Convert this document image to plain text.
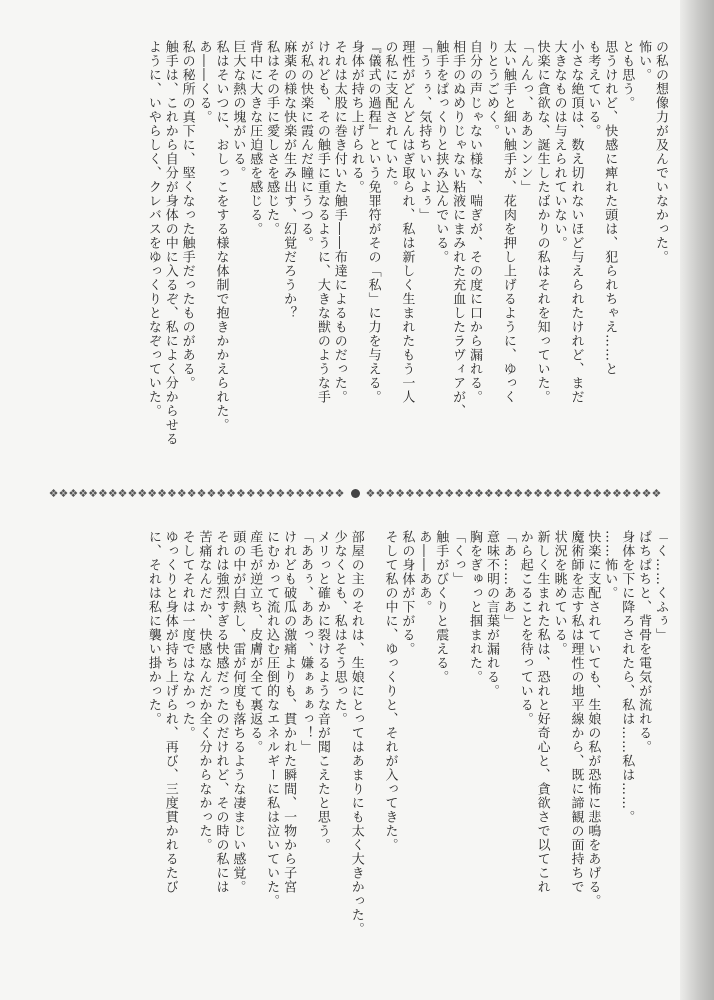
の私の想像力が及んでいなかった。

怖い。

とも思う。

思うけれど、快感に痺れた頭は、犯られちゃえ……と

も考えている。

小さな絶頂は、数え切れないほど与えられたけれど、まだ

大きなものは与えられていない。

快楽に貪欲な、誕生したばかりの私はそれを知っていた。

「んんっ、ああンンン」

太い触手と細い触手が、花肉を押し上げるように、ゆっく

りとうごめく。

自分の声じゃない様な、喘ぎが、その度に口から漏れる。

相手のぬめりじゃない粘液にまみれた充血したラヴィアが、

触手をぱっくりと挟み込んでいる。

「うぅぅ、気持ちいいよぅ」

理性がどんどんはぎ取られ、私は新しく生まれたもう一人

の私に支配されていた。

『儀式の過程』という免罪符がその「私」に力を与える。

身体が持ち上げられる。

それは太股に巻き付いた触手――布達によるものだった。

けれども、その触手に重なるように、大きな獣のような手

が私の快楽に霞んだ瞳にうつる。

麻薬の様な快楽が生み出す、幻覚だろうか？

私はその手に愛しさを感じた。

背中に大きな圧迫感を感じる。

巨大な熱の塊がいる。

私はそいつに、おしっこをする様な体制で抱きかかえられた。

あ――くる。

私の秘所の真下に、堅くなった触手だったものがある。

触手は、これから自分が身体の中に入るぞ、私によく分からせる

ように、いやらしく、クレバスをゆっくりとなぞっていた。

❖❖❖❖❖❖❖❖❖❖❖❖❖❖❖❖❖❖❖❖❖❖❖❖❖❖❖❖❖❖ ❖❖❖❖❖❖❖❖❖❖❖❖❖❖❖❖❖❖❖❖❖❖❖❖❖❖❖❖❖❖

「く……くふぅ」

ぱちぱちと、背骨を電気が流れる。

身体を下に降ろされたら、私は……私は……。

……怖い。

快楽に支配されていても、生娘の私が恐怖に悲鳴をあげる。

魔術師を志す私は理性の地平線から、既に諦観の面持ちで

状況を眺めている。

新しく生まれた私は、恐れと好奇心と、貪欲さで以てこれ

から起こることを待っている。

「あ……ああ」

意味不明の言葉が漏れる。

胸をぎゅっと掴まれた。

「くっ」

触手がびくりと震える。

あ――ああ。

私の身体が下がる。

そして私の中に、ゆっくりと、それが入ってきた。

部屋の主のそれは、生娘にとってはあまりにも太く大きかった。

少なくとも、私はそう思った。

メリっと確かに裂けるような音が聞こえたと思う。

「ああぅ、ああっ、嫌ぁぁぁっ！」

けれども破瓜の激痛よりも、貫かれた瞬間、一物から子宮

にむかって流れ込む圧倒的なエネルギーに私は泣いていた。

産毛が逆立ち、皮膚が全て裏返る。

頭の中が白熱し、雷が何度も落ちるような凄まじい感覚。

それは強烈すぎる快感だったのだけれど、その時の私には

苦痛なんだか、快感なんだか全く分からなかった。

そしてそれは一度ではなかった。

ゆっくりと身体が持ち上げられ、再び、三度貫かれるたび

に、それは私に襲い掛かった。
